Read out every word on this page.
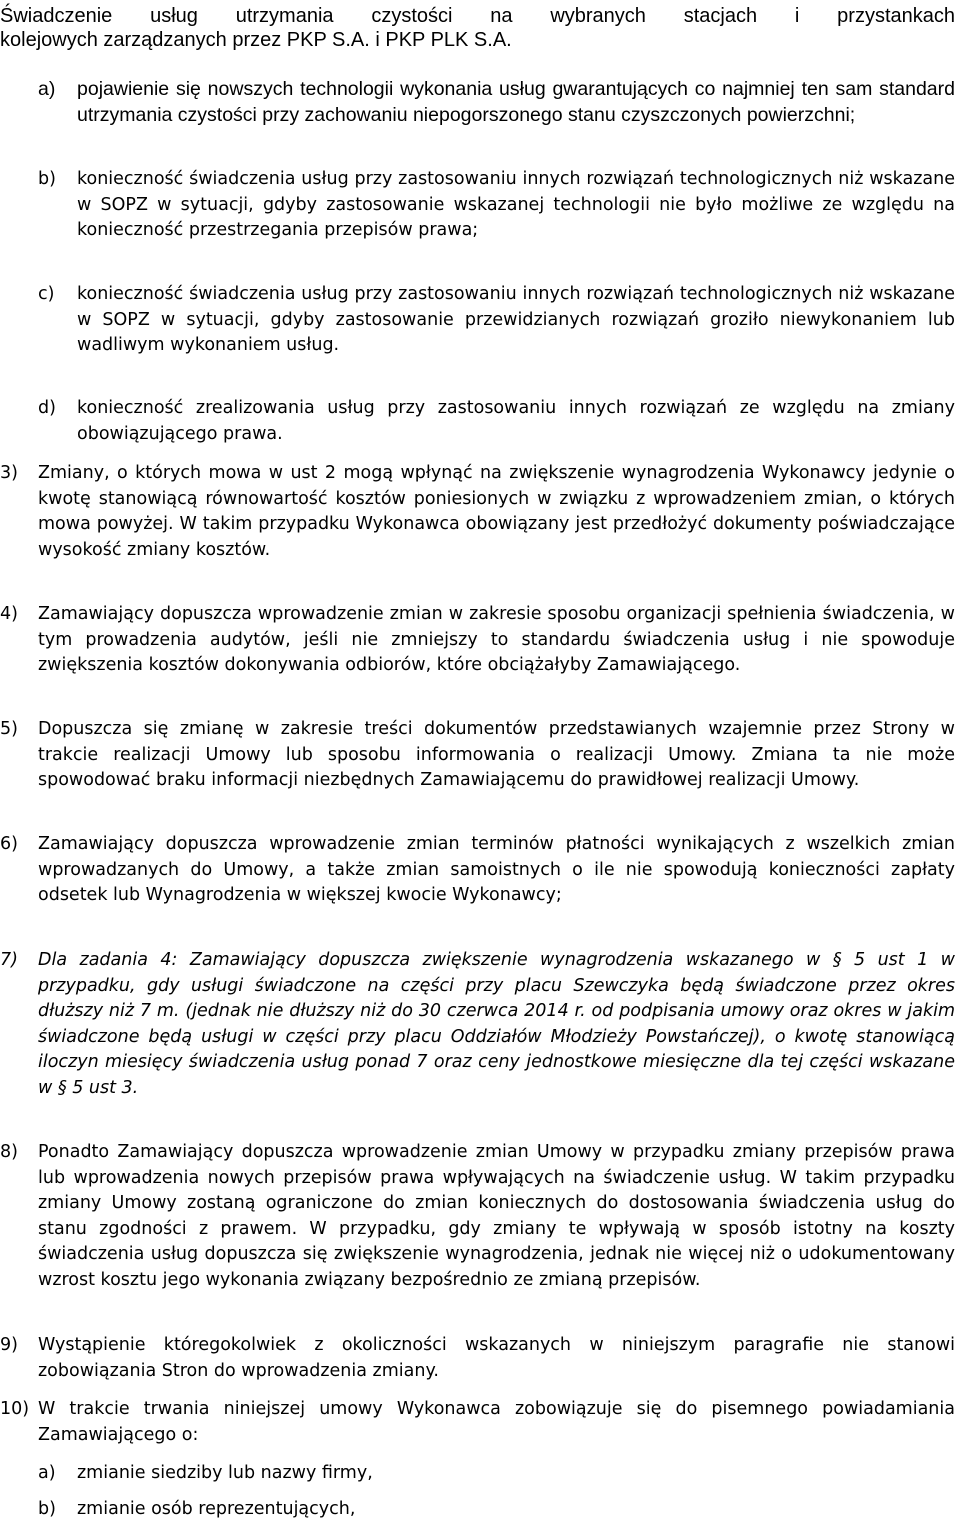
Świadczenie usług utrzymania czystości na wybranych stacjach i przystankach
kolejowych zarządzanych przez PKP S.A. i PKP PLK S.A.
a) pojawienie się nowszych technologii wykonania usług gwarantujących co najmniej ten sam standard utrzymania czystości przy zachowaniu niepogorszonego stanu czyszczonych powierzchni;
b) konieczność świadczenia usług przy zastosowaniu innych rozwiązań technologicznych niż wskazane w SOPZ w sytuacji, gdyby zastosowanie wskazanej technologii nie było możliwe ze względu na konieczność przestrzegania przepisów prawa;
c) konieczność świadczenia usług przy zastosowaniu innych rozwiązań technologicznych niż wskazane w SOPZ w sytuacji, gdyby zastosowanie przewidzianych rozwiązań groziło niewykonaniem lub wadliwym wykonaniem usług.
d) konieczność zrealizowania usług przy zastosowaniu innych rozwiązań ze względu na zmiany obowiązującego prawa.
3) Zmiany, o których mowa w ust 2 mogą wpłynąć na zwiększenie wynagrodzenia Wykonawcy jedynie o kwotę stanowiącą równowartość kosztów poniesionych w związku z wprowadzeniem zmian, o których mowa powyżej. W takim przypadku Wykonawca obowiązany jest przedłożyć dokumenty poświadczające wysokość zmiany kosztów.
4) Zamawiający dopuszcza wprowadzenie zmian w zakresie sposobu organizacji spełnienia świadczenia, w tym prowadzenia audytów, jeśli nie zmniejszy to standardu świadczenia usług i nie spowoduje zwiększenia kosztów dokonywania odbiorów, które obciążałyby Zamawiającego.
5) Dopuszcza się zmianę w zakresie treści dokumentów przedstawianych wzajemnie przez Strony w trakcie realizacji Umowy lub sposobu informowania o realizacji Umowy. Zmiana ta nie może spowodować braku informacji niezbędnych Zamawiającemu do prawidłowej realizacji Umowy.
6) Zamawiający dopuszcza wprowadzenie zmian terminów płatności wynikających z wszelkich zmian wprowadzanych do Umowy, a także zmian samoistnych o ile nie spowodują konieczności zapłaty odsetek lub Wynagrodzenia w większej kwocie Wykonawcy;
7) Dla zadania 4: Zamawiający dopuszcza zwiększenie wynagrodzenia wskazanego w § 5 ust 1 w przypadku, gdy usługi świadczone na części przy placu Szewczyka będą świadczone przez okres dłuższy niż 7 m. (jednak nie dłuższy niż do 30 czerwca 2014 r. od podpisania umowy oraz okres w jakim świadczone będą usługi w części przy placu Oddziałów Młodzieży Powstańczej), o kwotę stanowiącą iloczyn miesięcy świadczenia usług ponad 7 oraz ceny jednostkowe miesięczne dla tej części wskazane w § 5 ust 3.
8) Ponadto Zamawiający dopuszcza wprowadzenie zmian Umowy w przypadku zmiany przepisów prawa lub wprowadzenia nowych przepisów prawa wpływających na świadczenie usług. W takim przypadku zmiany Umowy zostaną ograniczone do zmian koniecznych do dostosowania świadczenia usług do stanu zgodności z prawem. W przypadku, gdy zmiany te wpływają w sposób istotny na koszty świadczenia usług dopuszcza się zwiększenie wynagrodzenia, jednak nie więcej niż o udokumentowany wzrost kosztu jego wykonania związany bezpośrednio ze zmianą przepisów.
9) Wystąpienie któregokolwiek z okoliczności wskazanych w niniejszym paragrafie nie stanowi zobowiązania Stron do wprowadzenia zmiany.
10) W trakcie trwania niniejszej umowy Wykonawca zobowiązuje się do pisemnego powiadamiania Zamawiającego o:
a) zmianie siedziby lub nazwy firmy,
b) zmianie osób reprezentujących,
